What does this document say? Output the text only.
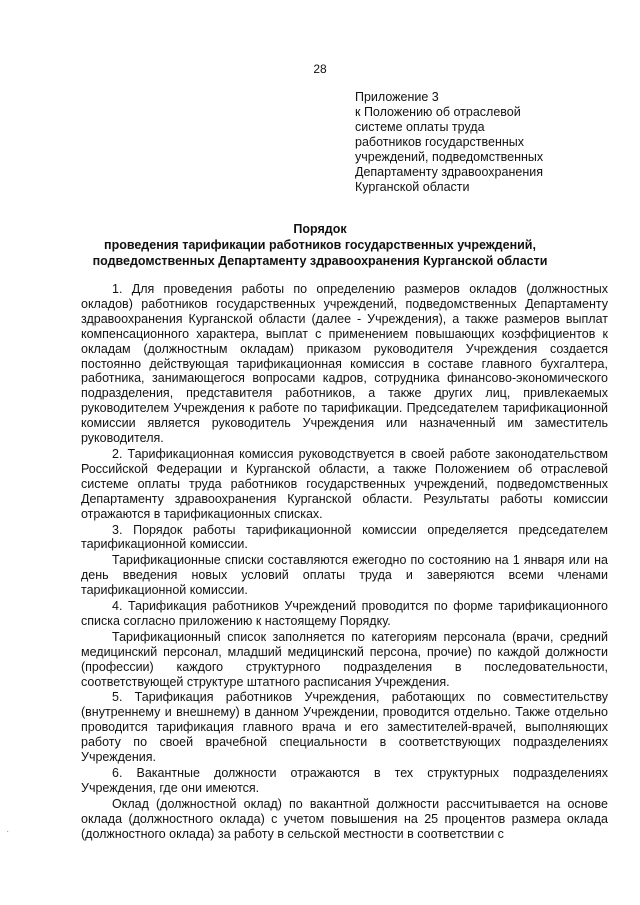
28
Приложение 3
к Положению об отраслевой
системе оплаты труда
работников государственных
учреждений, подведомственных
Департаменту здравоохранения
Курганской области
Порядок
проведения тарификации работников государственных учреждений,
подведомственных Департаменту здравоохранения Курганской области

1. Для проведения работы по определению размеров окладов (должностных окладов) работников государственных учреждений, подведомственных Департаменту здравоохранения Курганской области (далее - Учреждения), а также размеров выплат компенсационного характера, выплат с применением повышающих коэффициентов к окладам (должностным окладам) приказом руководителя Учреждения создается постоянно действующая тарификационная комиссия в составе главного бухгалтера, работника, занимающегося вопросами кадров, сотрудника финансово-экономического подразделения, представителя работников, а также других лиц, привлекаемых руководителем Учреждения к работе по тарификации. Председателем тарификационной комиссии является руководитель Учреждения или назначенный им заместитель руководителя.

2. Тарификационная комиссия руководствуется в своей работе законодательством Российской Федерации и Курганской области, а также Положением об отраслевой системе оплаты труда работников государственных учреждений, подведомственных Департаменту здравоохранения Курганской области. Результаты работы комиссии отражаются в тарификационных списках.

3. Порядок работы тарификационной комиссии определяется председателем тарификационной комиссии.

Тарификационные списки составляются ежегодно по состоянию на 1 января или на день введения новых условий оплаты труда и заверяются всеми членами тарификационной комиссии.

4. Тарификация работников Учреждений проводится по форме тарификационного списка согласно приложению к настоящему Порядку.

Тарификационный список заполняется по категориям персонала (врачи, средний медицинский персонал, младший медицинский персона, прочие) по каждой должности (профессии) каждого структурного подразделения в последовательности, соответствующей структуре штатного расписания Учреждения.

5. Тарификация работников Учреждения, работающих по совместительству (внутреннему и внешнему) в данном Учреждении, проводится отдельно. Также отдельно проводится тарификация главного врача и его заместителей-врачей, выполняющих работу по своей врачебной специальности в соответствующих подразделениях Учреждения.

6. Вакантные должности отражаются в тех структурных подразделениях Учреждения, где они имеются.

Оклад (должностной оклад) по вакантной должности рассчитывается на основе оклада (должностного оклада) с учетом повышения на 25 процентов размера оклада (должностного оклада) за работу в сельской местности в соответствии с

·
